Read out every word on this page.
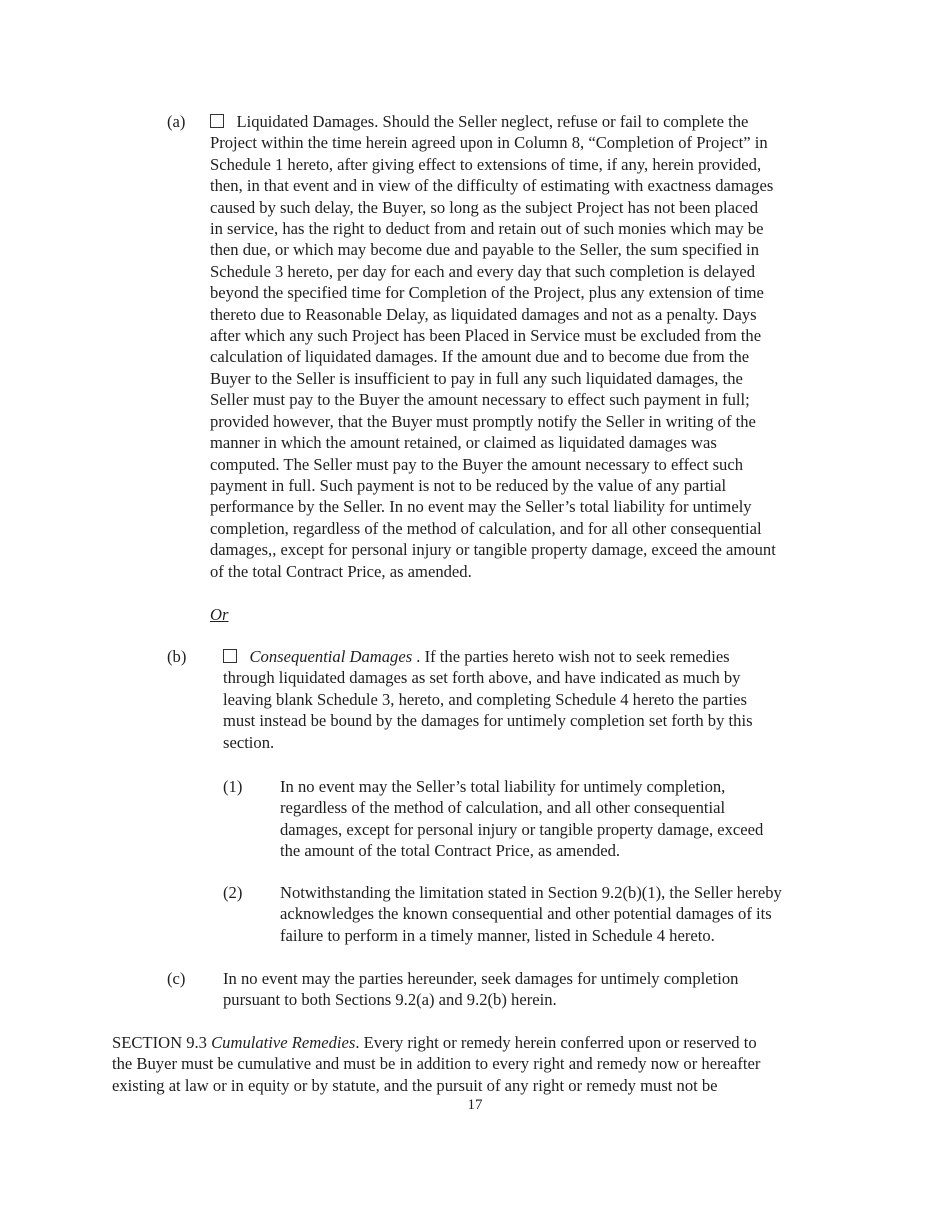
(a)	Liquidated Damages. Should the Seller neglect, refuse or fail to complete the
Project within the time herein agreed upon in Column 8, “Completion of Project” in
Schedule 1 hereto, after giving effect to extensions of time, if any, herein provided,
then, in that event and in view of the difficulty of estimating with exactness damages
caused by such delay, the Buyer, so long as the subject Project has not been placed
in service, has the right to deduct from and retain out of such monies which may be
then due, or which may become due and payable to the Seller, the sum specified in
Schedule 3 hereto, per day for each and every day that such completion is delayed
beyond the specified time for Completion of the Project, plus any extension of time
thereto due to Reasonable Delay, as liquidated damages and not as a penalty. Days
after which any such Project has been Placed in Service must be excluded from the
calculation of liquidated damages. If the amount due and to become due from the
Buyer to the Seller is insufficient to pay in full any such liquidated damages, the
Seller must pay to the Buyer the amount necessary to effect such payment in full;
provided however, that the Buyer must promptly notify the Seller in writing of the
manner in which the amount retained, or claimed as liquidated damages was
computed. The Seller must pay to the Buyer the amount necessary to effect such
payment in full. Such payment is not to be reduced by the value of any partial
performance by the Seller. In no event may the Seller’s total liability for untimely
completion, regardless of the method of calculation, and for all other consequential
damages,, except for personal injury or tangible property damage, exceed the amount
of the total Contract Price, as amended.
Or
(b)	Consequential Damages . If the parties hereto wish not to seek remedies
through liquidated damages as set forth above, and have indicated as much by
leaving blank Schedule 3, hereto, and completing Schedule 4 hereto the parties
must instead be bound by the damages for untimely completion set forth by this
section.
(1) In no event may the Seller’s total liability for untimely completion,
regardless of the method of calculation, and all other consequential
damages, except for personal injury or tangible property damage, exceed
the amount of the total Contract Price, as amended.
(2) Notwithstanding the limitation stated in Section 9.2(b)(1), the Seller hereby
acknowledges the known consequential and other potential damages of its
failure to perform in a timely manner, listed in Schedule 4 hereto.
(c) In no event may the parties hereunder, seek damages for untimely completion
pursuant to both Sections 9.2(a) and 9.2(b) herein.
SECTION 9.3 Cumulative Remedies. Every right or remedy herein conferred upon or reserved to
the Buyer must be cumulative and must be in addition to every right and remedy now or hereafter
existing at law or in equity or by statute, and the pursuit of any right or remedy must not be
17
